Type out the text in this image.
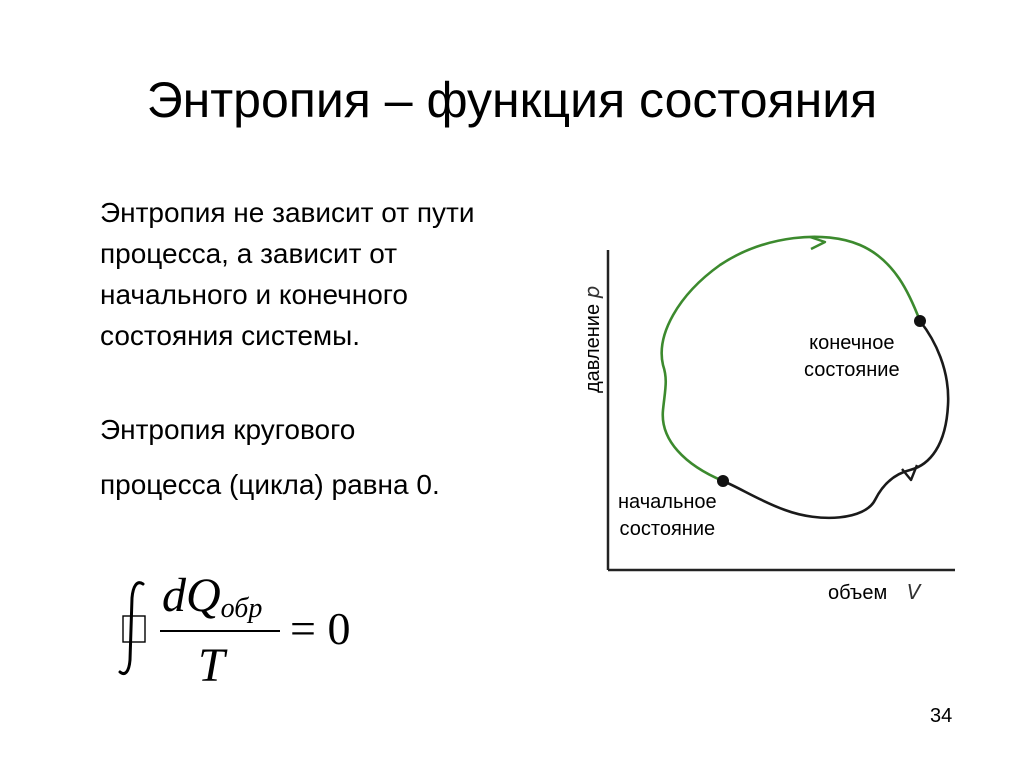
Энтропия – функция состояния

Энтропия не зависит от пути процесса, а зависит от начального и конечного состояния системы.

Энтропия кругового
процесса (цикла) равна 0.

давление p
конечное
состояние
начальное
состояние
объем V
dQобр
T
= 0
34
